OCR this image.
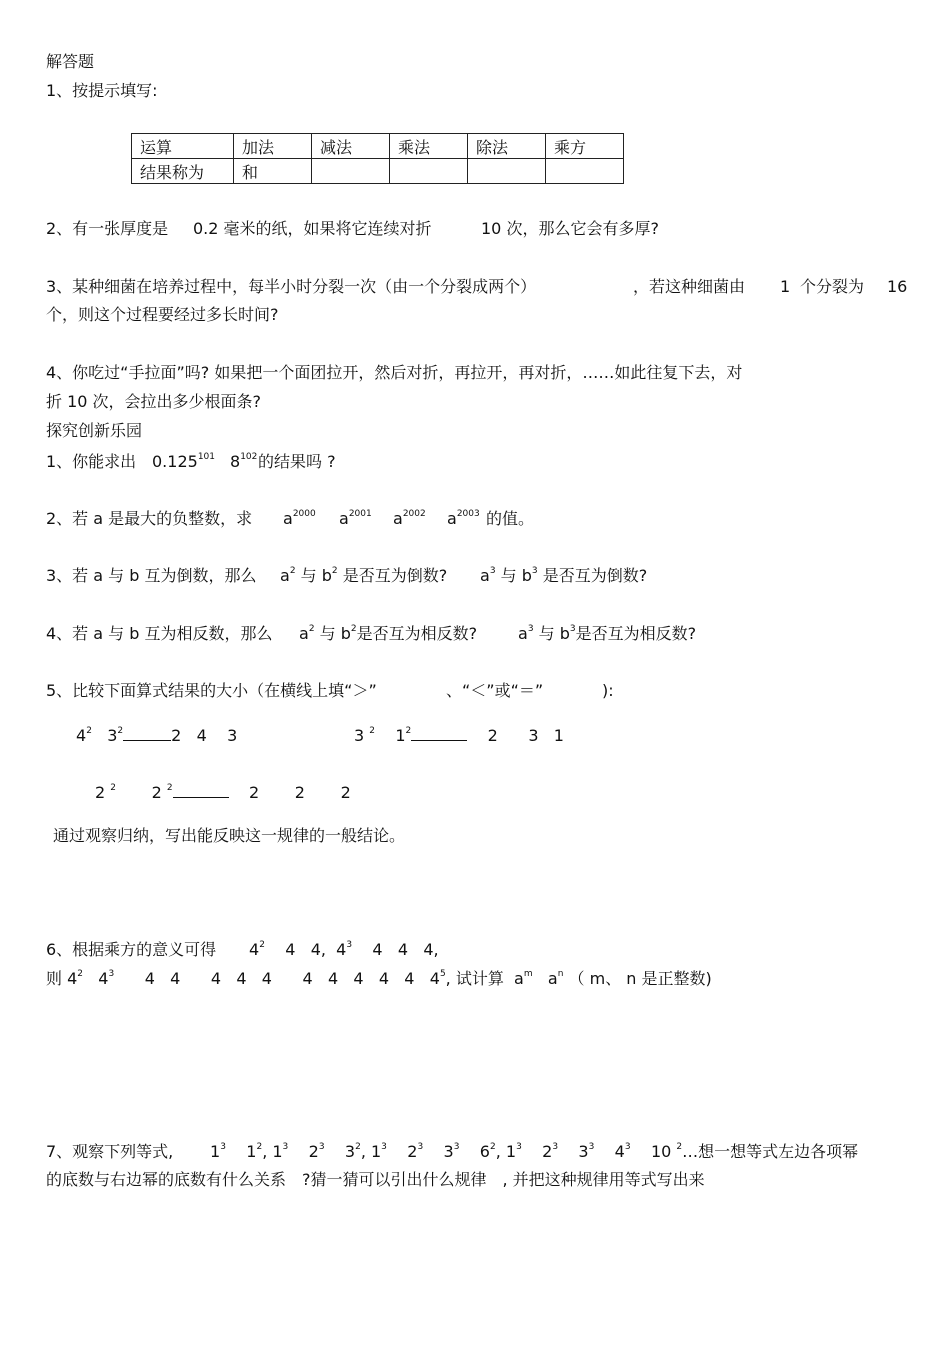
解答题
1、按提示填写:
运算	加法	减法	乘法	除法	乘方
结果称为	和				
2、有一张厚度是 0.2 毫米的纸，如果将它连续对折	10 次，那么它会有多厚?
3、某种细菌在培养过程中，每半小时分裂一次（由一个分裂成两个）	，若这种细菌由 1 个分裂为 16
个，则这个过程要经过多长时间?
4、你吃过“手拉面”吗? 如果把一个面团拉开，然后对折，再拉开，再对折，……如此往复下去，对
折 10 次，会拉出多少根面条?
探究创新乐园
1、你能求出 0.125$^{101}$ $8^{102}$ 的结果吗 ?
2、若 a 是最大的负整数，求 $a^{2000}$ $a^{2001}$ $a^{2002}$ $a^{2003}$ 的值。
3、若 a 与 b 互为倒数，那么 $a^2$ 与 $b^2$ 是否互为倒数? $a^3$ 与 $b^3$ 是否互为倒数?
4、若 a 与 b 互为相反数，那么 $a^2$ 与 $b^2$是否互为相反数?	$a^3$ 与 $b^3$是否互为相反数?
5、比较下面算式结果的大小（在横线上填“＞”	、“＜”或“＝”	):
$4^2$ $3^2$	2 4 3	3 $^2$ $1^2$	2 3 1
2 $^2$ 2 $^2$	2 2 2
通过观察归纳，写出能反映这一规律的一般结论。
6、根据乘方的意义可得 $4^2$ 4 4, $4^3$ 4 4 4,
则 $4^2$ $4^3$ 4 4 4 4 4 4 4 4 4 4 $4^5$, 试计算 $a^m$ $a^n$ （ m、 n 是正整数)
7、观察下列等式, $1^3$ $1^2$, $1^3$ $2^3$ $3^2$, $1^3$ $2^3$ $3^3$ $6^2$, $1^3$ $2^3$ $3^3$ $4^3$ 10 $^2$…想一想等式左边各项幂
的底数与右边幂的底数有什么关系　?猜一猜可以引出什么规律　, 并把这种规律用等式写出来
